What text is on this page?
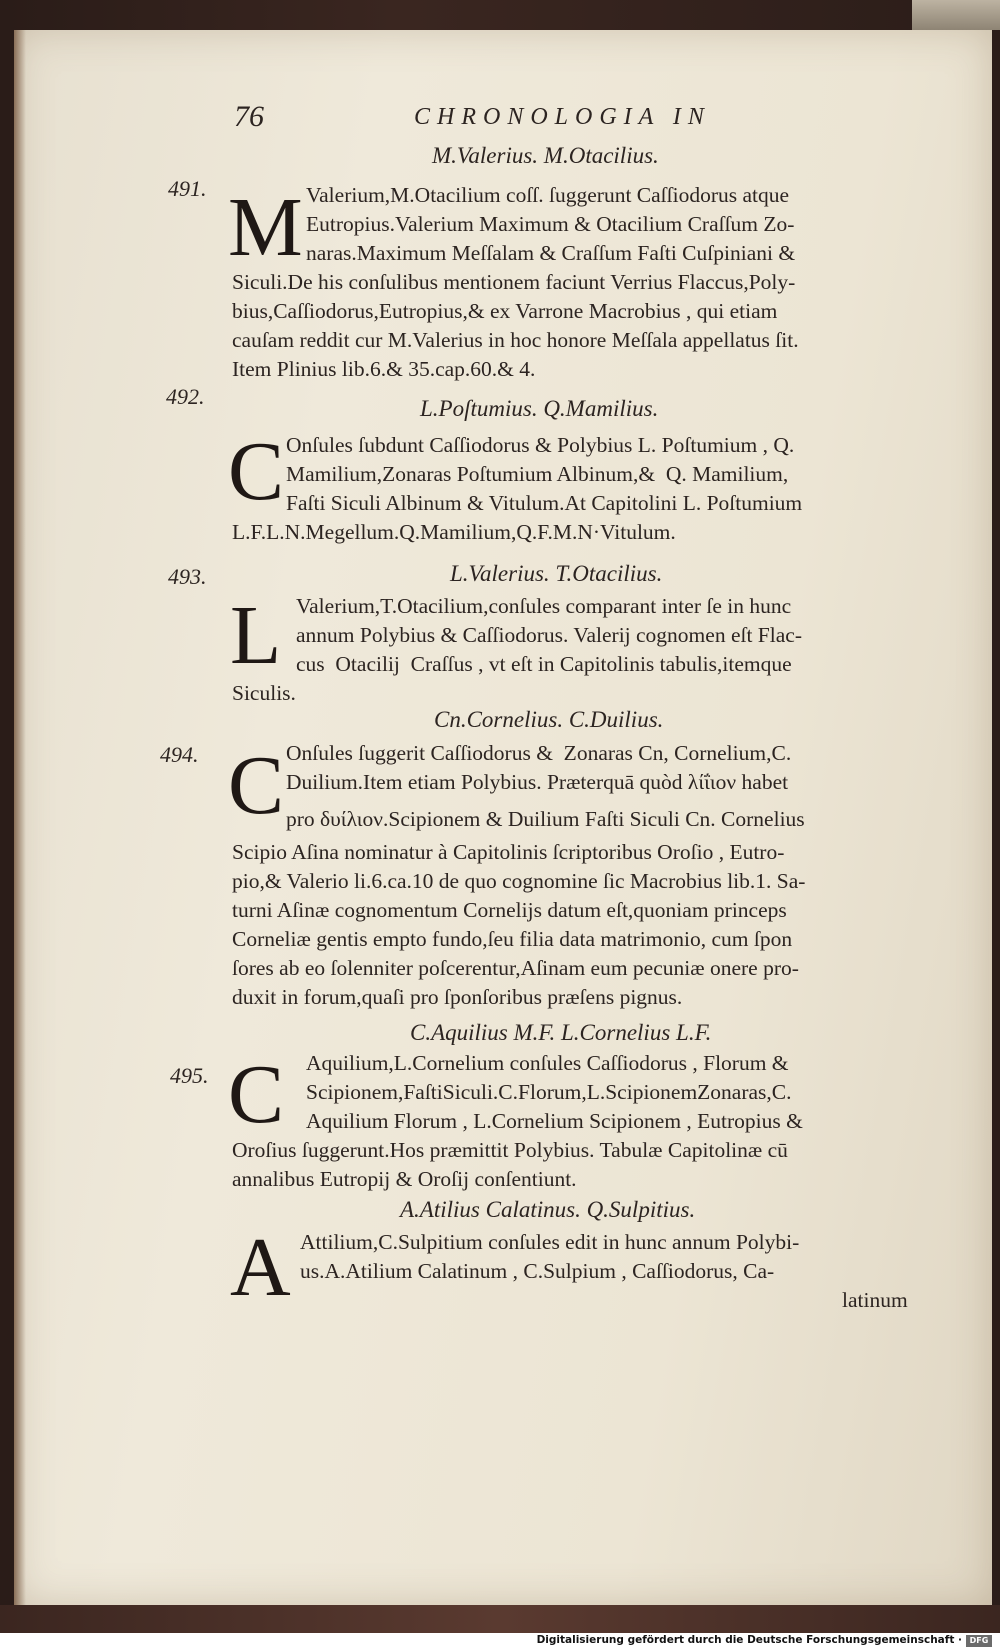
76	CHRONOLOGIA IN
M.Valerius. M.Otacilius.
491. M Valerium,M.Otacilium coſſ. ſuggerunt Caſſiodorus atque
Eutropius.Valerium Maximum & Otacilium Craſſum Zo-
naras.Maximum Meſſalam & Craſſum Faſti Cuſpiniani &
Siculi.De his conſulibus mentionem faciunt Verrius Flaccus,Poly-
bius,Caſſiodorus,Eutropius,& ex Varrone Macrobius , qui etiam
cauſam reddit cur M.Valerius in hoc honore Meſſala appellatus ſit.
Item Plinius lib.6.& 35.cap.60.& 4.
492.	L.Poſtumius. Q.Mamilius.
C Onſules ſubdunt Caſſiodorus & Polybius L. Poſtumium , Q.
Mamilium,Zonaras Poſtumium Albinum,&  Q. Mamilium,
Faſti Siculi Albinum & Vitulum.At Capitolini L. Poſtumium
L.F.L.N.Megellum.Q.Mamilium,Q.F.M.N·Vitulum.
493.	L.Valerius. T.Otacilius.
L Valerium,T.Otacilium,conſules comparant inter ſe in hunc
annum Polybius & Caſſiodorus. Valerij cognomen eſt Flac-
cus  Otacilij  Craſſus , vt eſt in Capitolinis tabulis,itemque
Siculis.
Cn.Cornelius. C.Duilius.
494. C Onſules ſuggerit Caſſiodorus &  Zonaras Cn, Cornelium,C.
Duilium.Item etiam Polybius. Præterquā quòd λίΐιον habet
pro δυίλιον.Scipionem & Duilium Faſti Siculi Cn. Cornelius
Scipio Aſina nominatur à Capitolinis ſcriptoribus Oroſio , Eutro-
pio,& Valerio li.6.ca.10 de quo cognomine ſic Macrobius lib.1. Sa-
turni Aſinæ cognomentum Cornelijs datum eſt,quoniam princeps
Corneliæ gentis empto fundo,ſeu filia data matrimonio, cum ſpon
ſores ab eo ſolenniter poſcerentur,Aſinam eum pecuniæ onere pro-
duxit in forum,quaſi pro ſponſoribus præſens pignus.
C.Aquilius M.F. L.Cornelius L.F.
495. C Aquilium,L.Cornelium conſules Caſſiodorus , Florum &
Scipionem,FaſtiSiculi.C.Florum,L.ScipionemZonaras,C.
Aquilium Florum , L.Cornelium Scipionem , Eutropius &
Oroſius ſuggerunt.Hos præmittit Polybius. Tabulæ Capitolinæ cū
annalibus Eutropij & Oroſij conſentiunt.
A.Atilius Calatinus. Q.Sulpitius.
A Attilium,C.Sulpitium conſules edit in hunc annum Polybi-
us.A.Atilium Calatinum , C.Sulpium , Caſſiodorus, Ca-
latinum
Digitalisierung gefördert durch die Deutsche Forschungsgemeinschaft · DFG
